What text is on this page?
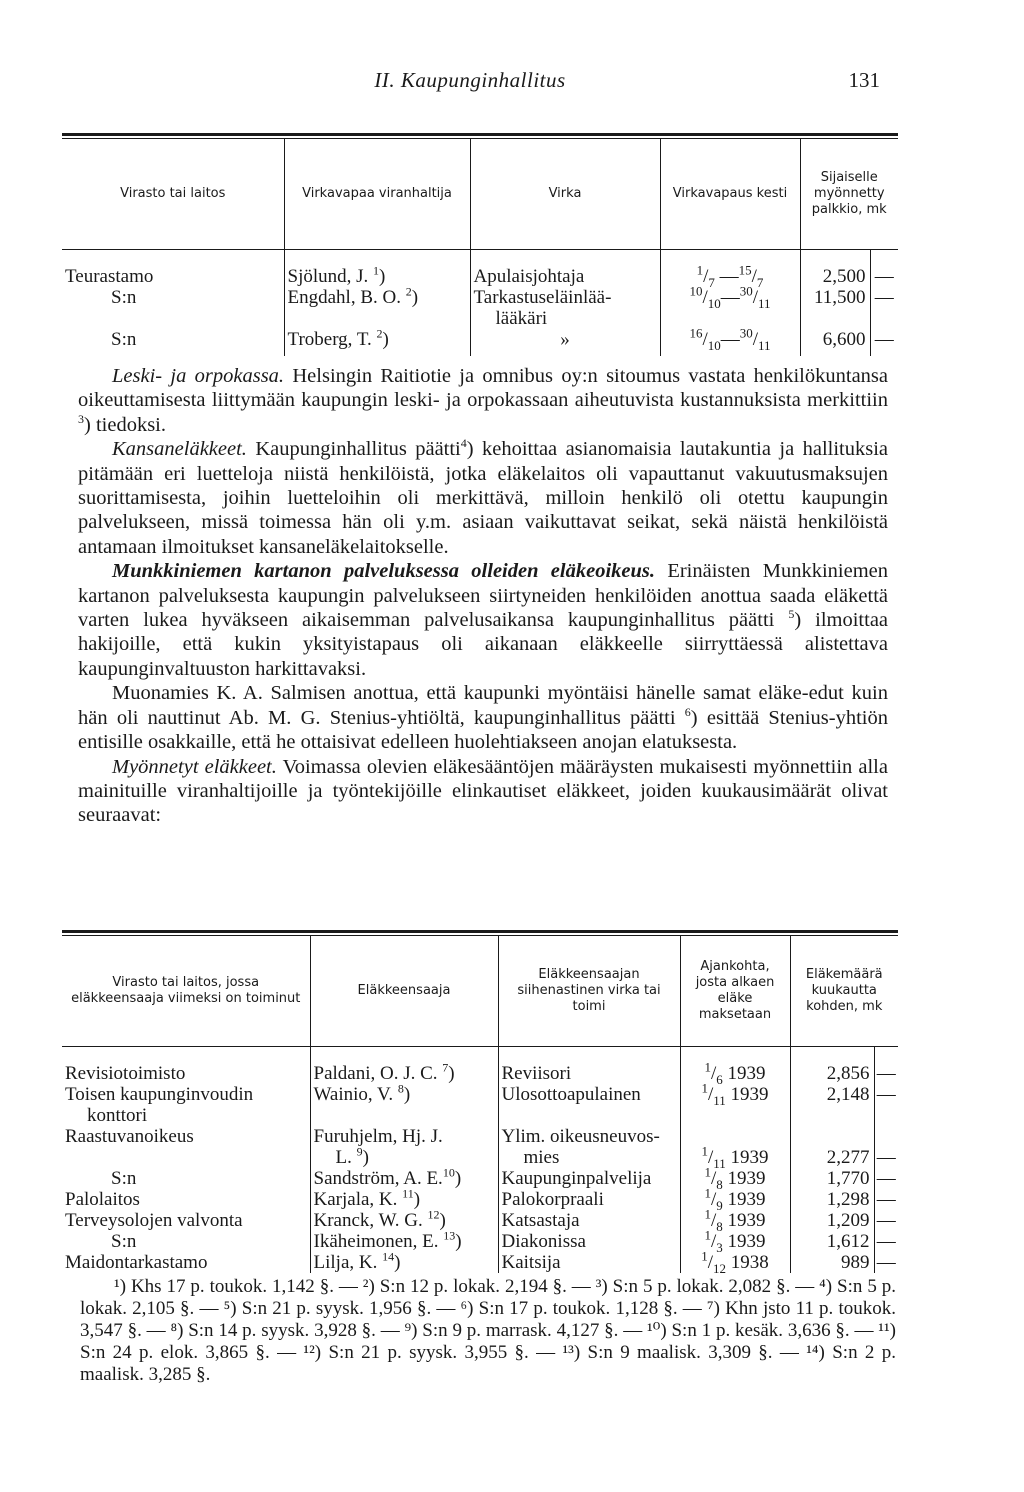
II. Kaupunginhallitus	131
Virasto tai laitos	Virkavapaa viranhaltija	Virka	Virkavapaus kesti	Sijaiselle myönnetty palkkio, mk	

Teurastamo	Sjölund, J. $^1$)	Apulaisjohtaja	$^1/_7$ $—^{15}/_7$	2,500	—
S:n	Engdahl, B. O. $^2$)	Tarkastuseläinlää-	$^{10}/_{10}—^{30}/_{11}$	11,500	—
		lääkäri			
S:n	Troberg, T. $^2$)	»	$^{16}/_{10}—^{30}/_{11}$	6,600	—

Leski- ja orpokassa. Helsingin Raitiotie ja omnibus oy:n sitoumus vastata henkilökuntansa oikeuttamisesta liittymään kaupungin leski- ja orpokassaan aiheutuvista kustannuksista merkittiin $^3$) tiedoksi.

Kansaneläkkeet. Kaupunginhallitus päätti$^4$) kehoittaa asianomaisia lautakuntia ja hallituksia pitämään eri luetteloja niistä henkilöistä, jotka eläkelaitos oli vapauttanut vakuutusmaksujen suorittamisesta, joihin luetteloihin oli merkittävä, milloin henkilö oli otettu kaupungin palvelukseen, missä toimessa hän oli y.m. asiaan vaikuttavat seikat, sekä näistä henkilöistä antamaan ilmoitukset kansaneläkelaitokselle.

Munkkiniemen kartanon palveluksessa olleiden eläkeoikeus. Erinäisten Munkkiniemen kartanon palveluksesta kaupungin palvelukseen siirtyneiden henkilöiden anottua saada eläkettä varten lukea hyväkseen aikaisemman palvelusaikansa kaupunginhallitus päätti $^5$) ilmoittaa hakijoille, että kukin yksityistapaus oli aikanaan eläkkeelle siirryttäessä alistettava kaupunginvaltuuston harkittavaksi.

Muonamies K. A. Salmisen anottua, että kaupunki myöntäisi hänelle samat eläke-edut kuin hän oli nauttinut Ab. M. G. Stenius-yhtiöltä, kaupunginhallitus päätti $^6$) esittää Stenius-yhtiön entisille osakkaille, että he ottaisivat edelleen huolehtiakseen anojan elatuksesta.

Myönnetyt eläkkeet. Voimassa olevien eläkesääntöjen määräysten mukaisesti myönnettiin alla mainituille viranhaltijoille ja työntekijöille elinkautiset eläkkeet, joiden kuukausimäärät olivat seuraavat:

Virasto tai laitos, jossa eläkkeensaaja viimeksi on toiminut	Eläkkeensaaja	Eläkkeensaajan siihenastinen virka tai toimi	Ajankohta, josta alkaen eläke maksetaan	Eläkemäärä kuukautta kohden, mk	

Revisiotoimisto	Paldani, O. J. C. $^7$)	Reviisori	$^1/_6$ 1939	2,856	—
Toisen kaupunginvoudin	Wainio, V. $^8$)	Ulosottoapulainen	$^1/_{11}$ 1939	2,148	—
konttori					
Raastuvanoikeus	Furuhjelm, Hj. J.	Ylim. oikeusneuvos-			
	L. $^9$)	mies	$^1/_{11}$ 1939	2,277	—
S:n	Sandström, A. E.$^{10}$)	Kaupunginpalvelija	$^1/_8$ 1939	1,770	—
Palolaitos	Karjala, K. $^{11}$)	Palokorpraali	$^1/_9$ 1939	1,298	—
Terveysolojen valvonta	Kranck, W. G. $^{12}$)	Katsastaja	$^1/_8$ 1939	1,209	—
S:n	Ikäheimonen, E. $^{13}$)	Diakonissa	$^1/_3$ 1939	1,612	—
Maidontarkastamo	Lilja, K. $^{14}$)	Kaitsija	$^1/_{12}$ 1938	989	—

¹) Khs 17 p. toukok. 1,142 §. — ²) S:n 12 p. lokak. 2,194 §. — ³) S:n 5 p. lokak. 2,082 §. — ⁴) S:n 5 p. lokak. 2,105 §. — ⁵) S:n 21 p. syysk. 1,956 §. — ⁶) S:n 17 p. toukok. 1,128 §. — ⁷) Khn jsto 11 p. toukok. 3,547 §. — ⁸) S:n 14 p. syysk. 3,928 §. — ⁹) S:n 9 p. marrask. 4,127 §. — ¹⁰) S:n 1 p. kesäk. 3,636 §. — ¹¹) S:n 24 p. elok. 3,865 §. — ¹²) S:n 21 p. syysk. 3,955 §. — ¹³) S:n 9 maalisk. 3,309 §. — ¹⁴) S:n 2 p. maalisk. 3,285 §.
